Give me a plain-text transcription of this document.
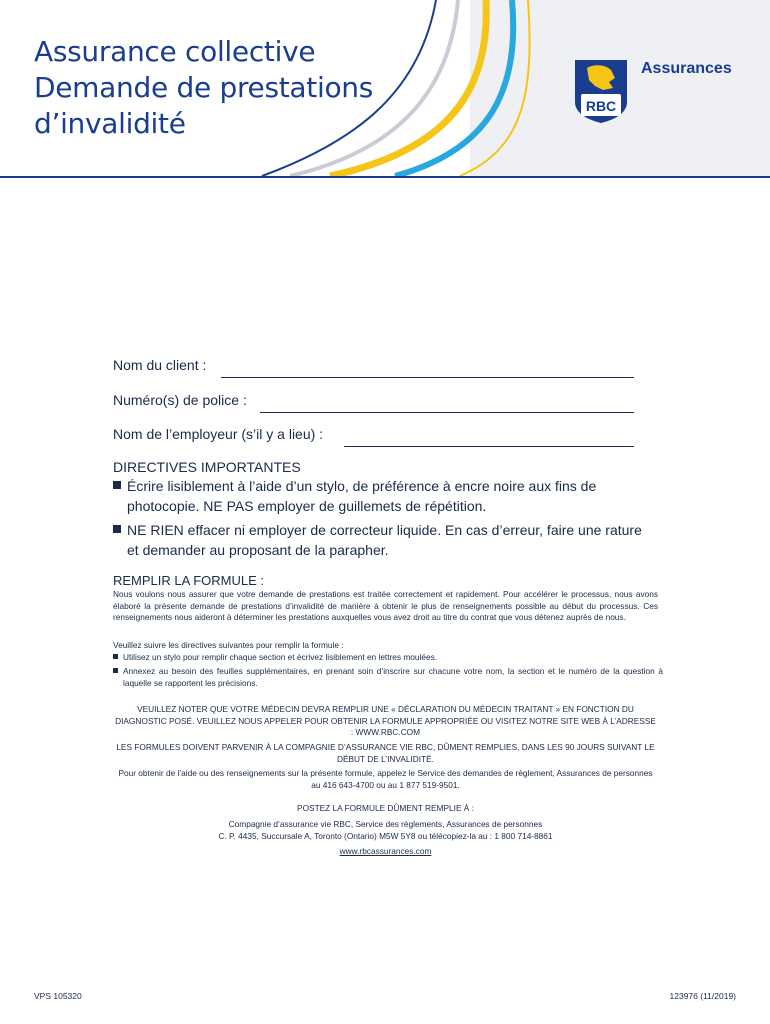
Assurance collective
Demande de prestations
d’invalidité
RBC
Assurances
Nom du client :
Numéro(s) de police :
Nom de l’employeur (s’il y a lieu) :
DIRECTIVES IMPORTANTES
Écrire lisiblement à l’aide d’un stylo, de préférence à encre noire aux fins de photocopie. NE PAS employer de guillemets de répétition.
NE RIEN effacer ni employer de correcteur liquide. En cas d’erreur, faire une rature et demander au proposant de la parapher.
REMPLIR LA FORMULE :

Nous voulons nous assurer que votre demande de prestations est traitée correctement et rapidement. Pour accélérer le processus, nous avons élaboré la présente demande de prestations d’invalidité de manière à obtenir le plus de renseignements possible au début du processus. Ces renseignements nous aideront à déterminer les prestations auxquelles vous avez droit au titre du contrat que vous détenez auprès de nous.

Veuillez suivre les directives suivantes pour remplir la formule :

Utilisez un stylo pour remplir chaque section et écrivez lisiblement en lettres moulées.
Annexez au besoin des feuilles supplémentaires, en prenant soin d’inscrire sur chacune votre nom, la section et le numéro de la question à laquelle se rapportent les précisions.

VEUILLEZ NOTER QUE VOTRE MÉDECIN DEVRA REMPLIR UNE « DÉCLARATION DU MÉDECIN TRAITANT » EN FONCTION DU DIAGNOSTIC POSÉ. VEUILLEZ NOUS APPELER POUR OBTENIR LA FORMULE APPROPRIÉE OU VISITEZ NOTRE SITE WEB À L’ADRESSE : WWW.RBC.COM

LES FORMULES DOIVENT PARVENIR À LA COMPAGNIE D’ASSURANCE VIE RBC, DÛMENT REMPLIES, DANS LES 90 JOURS SUIVANT LE DÉBUT DE L’INVALIDITÉ.

Pour obtenir de l’aide ou des renseignements sur la présente formule, appelez le Service des demandes de règlement, Assurances de personnes au 416 643-4700 ou au 1 877 519-9501.

POSTEZ LA FORMULE DÛMENT REMPLIE À :

Compagnie d’assurance vie RBC, Service des règlements, Assurances de personnes
C. P. 4435, Succursale A, Toronto (Ontario) M5W 5Y8 ou télécopiez-la au : 1 800 714-8861

www.rbcassurances.com

VPS 105320	123976 (11/2019)
